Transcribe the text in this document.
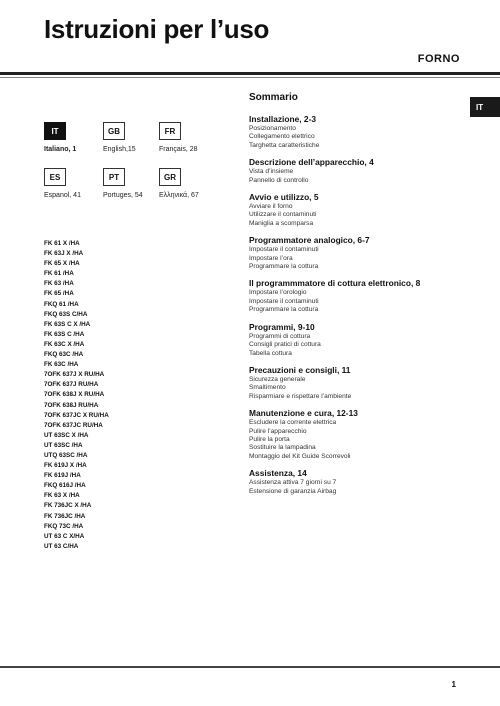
Istruzioni per l’uso
FORNO
IT
IT
Italiano, 1
GB
English,15
FR
Français, 28
ES
Espanol, 41
PT
Portuges, 54
GR
Ελληνικά, 67
FK 61 X /HA
FK 63J X /HA
FK 65 X /HA
FK 61 /HA
FK 63 /HA
FK 65 /HA
FKQ 61 /HA
FKQ 63S C/HA
FK 63S C X /HA
FK 63S C /HA
FK 63C X /HA
FKQ 63C /HA
FK 63C /HA
7OFK 637J X RU/HA
7OFK 637J RU/HA
7OFK 638J X RU/HA
7OFK 638J RU/HA
7OFK 637JC X RU/HA
7OFK 637JC RU/HA
UT 63SC X /HA
UT 63SC /HA
UTQ 63SC /HA
FK 619J X /HA
FK 619J /HA
FKQ 616J /HA
FK 63 X /HA
FK 736JC X /HA
FK 736JC /HA
FKQ 73C /HA
UT 63 C X/HA
UT 63 C/HA
Sommario
Installazione, 2-3
Posizionamento
Collegamento elettrico
Targhetta caratteristiche
Descrizione dell’apparecchio, 4
Vista d’insieme
Pannello di controllo
Avvio e utilizzo, 5
Avviare il forno
Utilizzare il contaminuti
Maniglia a scomparsa
Programmatore analogico, 6-7
Impostare il contaminuti
Impostare l’ora
Programmare la cottura
Il programmmatore di cottura elettronico, 8
Impostare l’orologio
Impostare il contaminuti
Programmare la cottura
Programmi, 9-10
Programmi di cottura
Consigli pratici di cottura
Tabella cottura
Precauzioni e consigli, 11
Sicurezza generale
Smaltimento
Risparmiare e rispettare l’ambiente
Manutenzione e cura, 12-13
Escludere la corrente elettrica
Pulire l’apparecchio
Pulire la porta
Sostituire la lampadina
Montaggio del Kit Guide Scorrevoli
Assistenza, 14
Assistenza attiva 7 giorni su 7
Estensione di garanzia Airbag
1
